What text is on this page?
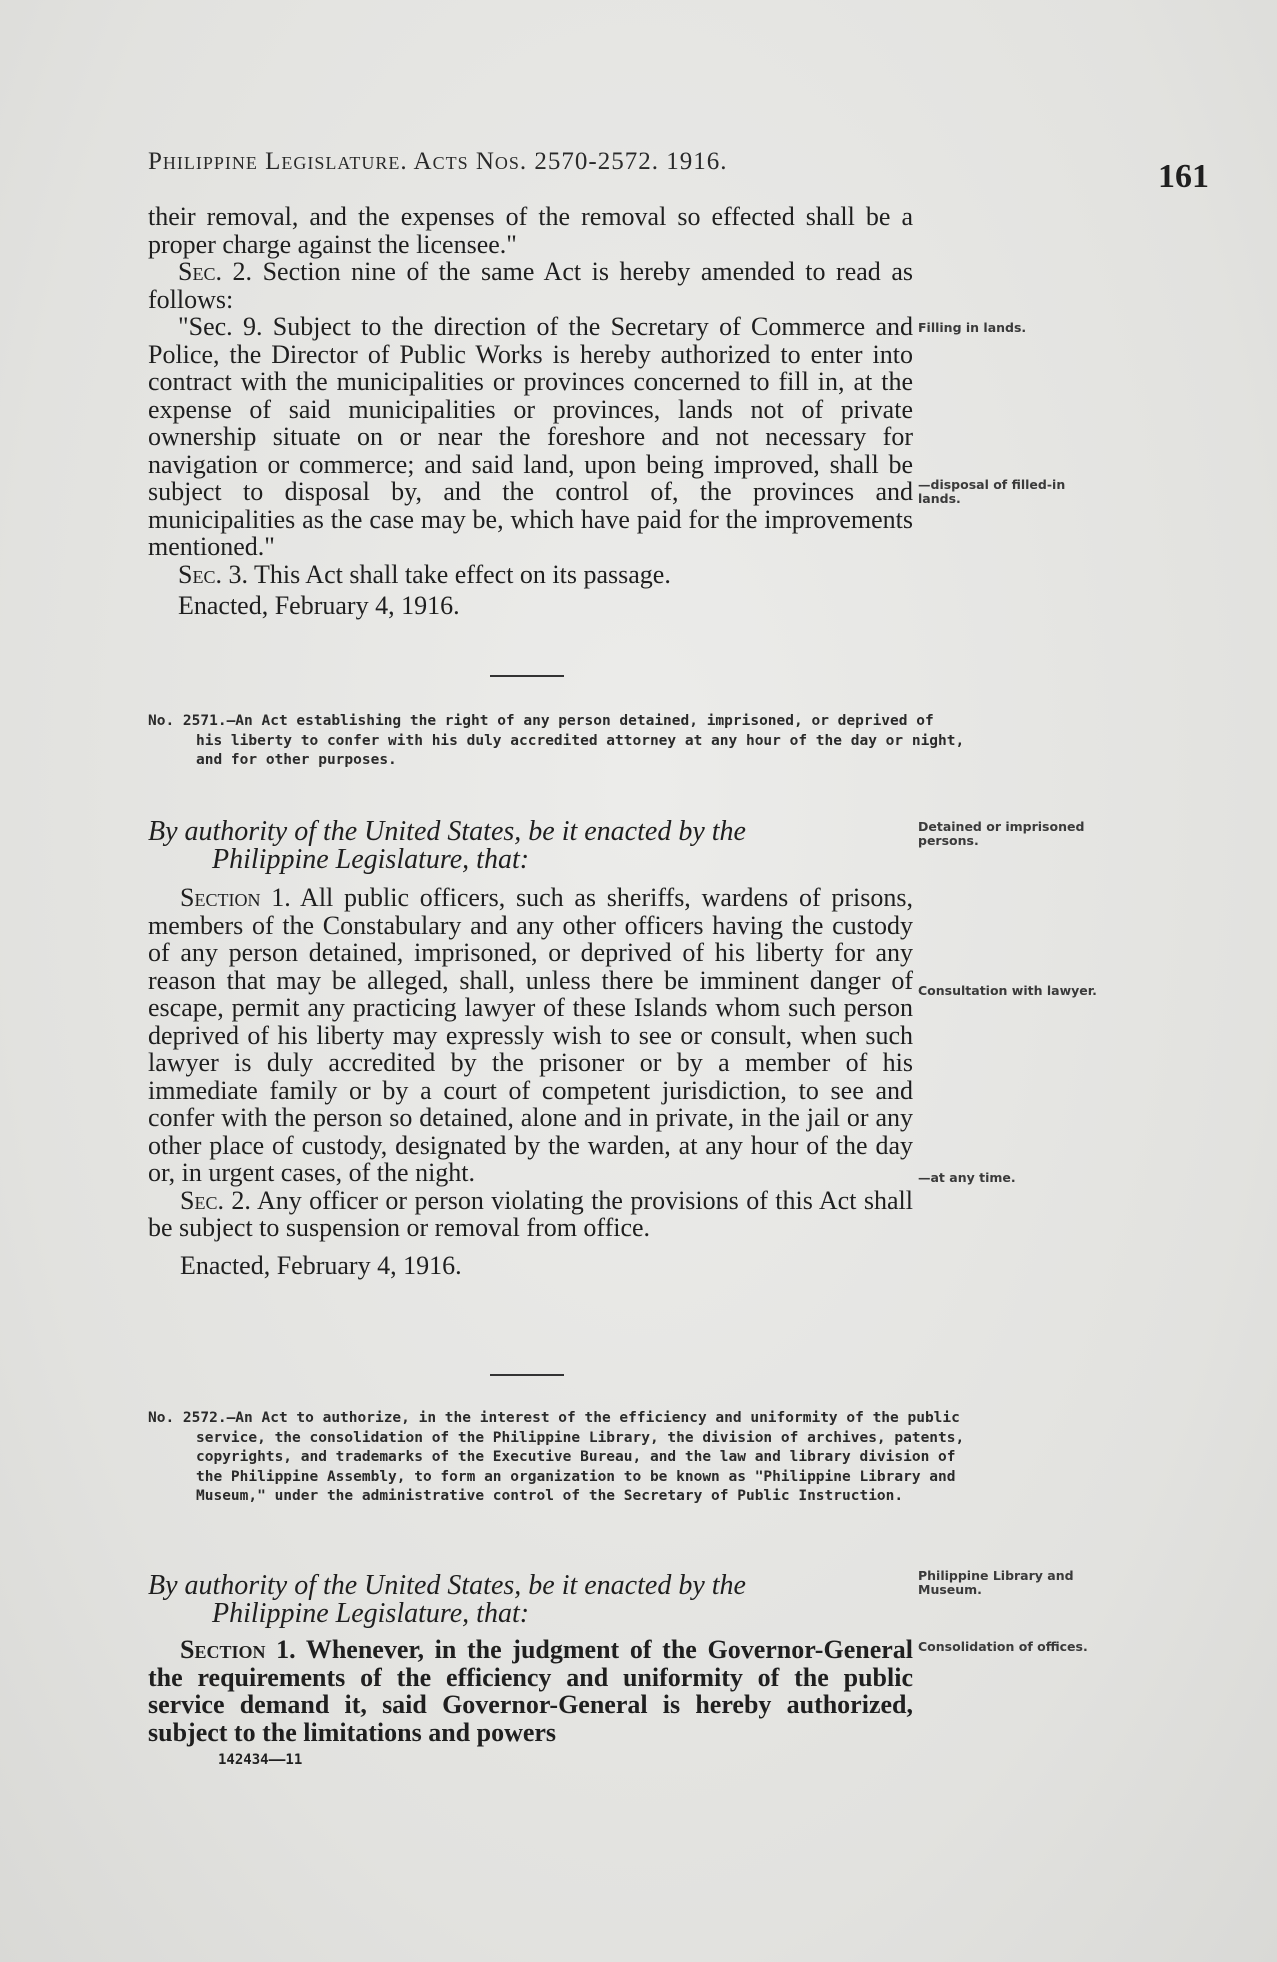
Philippine Legislature. Acts Nos. 2570-2572. 1916.	161

their removal, and the expenses of the removal so effected shall be a proper charge against the licensee."

Sec. 2. Section nine of the same Act is hereby amended to read as follows:

"Sec. 9. Subject to the direction of the Secretary of Commerce and Police, the Director of Public Works is hereby authorized to enter into contract with the municipalities or provinces concerned to fill in, at the expense of said municipalities or provinces, lands not of private ownership situate on or near the foreshore and not necessary for navigation or commerce; and said land, upon being improved, shall be subject to disposal by, and the control of, the provinces and municipalities as the case may be, which have paid for the improvements mentioned."

Sec. 3. This Act shall take effect on its passage.

Enacted, February 4, 1916.

Filling in lands.
—disposal of filled-in lands.
No. 2571.—An Act establishing the right of any person detained, imprisoned, or deprived of his liberty to confer with his duly accredited attorney at any hour of the day or night, and for other purposes.
By authority of the United States, be it enacted by the
Philippine Legislature, that:
Detained or imprisoned persons.

Section 1. All public officers, such as sheriffs, wardens of prisons, members of the Constabulary and any other officers having the custody of any person detained, imprisoned, or deprived of his liberty for any reason that may be alleged, shall, unless there be imminent danger of escape, permit any practicing lawyer of these Islands whom such person deprived of his liberty may expressly wish to see or consult, when such lawyer is duly accredited by the prisoner or by a member of his immediate family or by a court of competent jurisdiction, to see and confer with the person so detained, alone and in private, in the jail or any other place of custody, designated by the warden, at any hour of the day or, in urgent cases, of the night.

Sec. 2. Any officer or person violating the provisions of this Act shall be subject to suspension or removal from office.

Enacted, February 4, 1916.

Consultation with lawyer.
—at any time.
No. 2572.—An Act to authorize, in the interest of the efficiency and uniformity of the public service, the consolidation of the Philippine Library, the division of archives, patents, copyrights, and trademarks of the Executive Bureau, and the law and library division of the Philippine Assembly, to form an organization to be known as "Philippine Library and Museum," under the administrative control of the Secretary of Public Instruction.
By authority of the United States, be it enacted by the
Philippine Legislature, that:
Philippine Library and Museum.

Section 1. Whenever, in the judgment of the Governor-General the requirements of the efficiency and uniformity of the public service demand it, said Governor-General is hereby authorized, subject to the limitations and powers

Consolidation of offices.
142434——11
